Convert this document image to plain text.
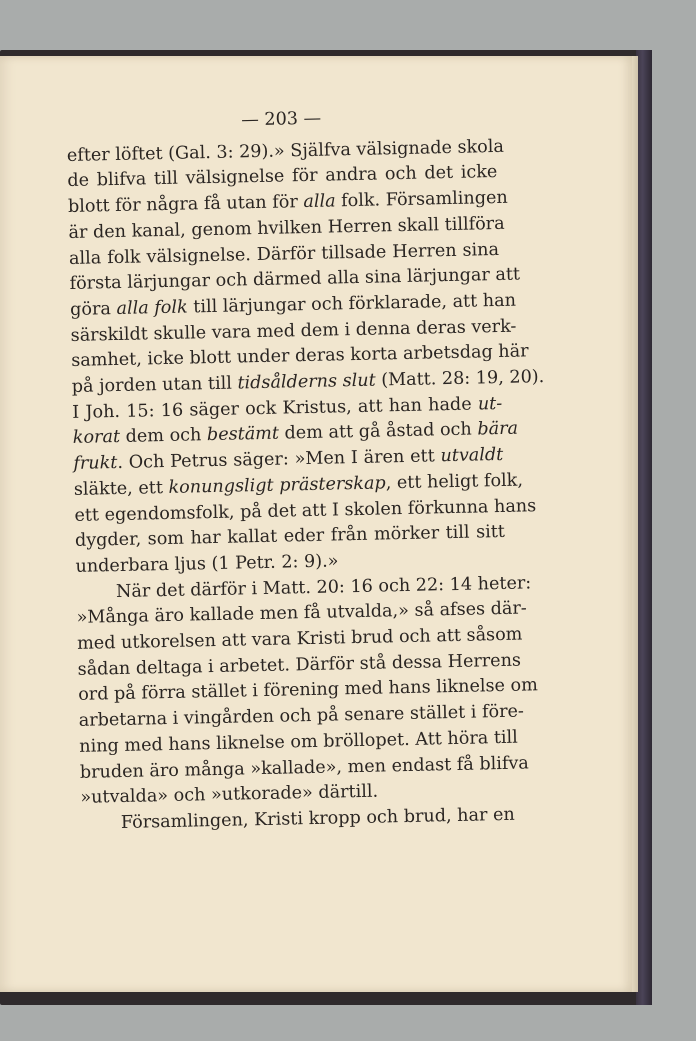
— 203 —
efter löftet (Gal. 3: 29).» Själfva välsignade skola
de blifva till välsignelse för andra och det icke
blott för några få utan för alla folk. Församlingen
är den kanal, genom hvilken Herren skall tillföra
alla folk välsignelse. Därför tillsade Herren sina
första lärjungar och därmed alla sina lärjungar att
göra alla folk till lärjungar och förklarade, att han
särskildt skulle vara med dem i denna deras verk-
samhet, icke blott under deras korta arbetsdag här
på jorden utan till tidsålderns slut (Matt. 28: 19, 20).
I Joh. 15: 16 säger ock Kristus, att han hade ut-
korat dem och bestämt dem att gå åstad och bära
frukt. Och Petrus säger: »Men I ären ett utvaldt
släkte, ett konungsligt prästerskap, ett heligt folk,
ett egendomsfolk, på det att I skolen förkunna hans
dygder, som har kallat eder från mörker till sitt
underbara ljus (1 Petr. 2: 9).»
När det därför i Matt. 20: 16 och 22: 14 heter:
»Många äro kallade men få utvalda,» så afses där-
med utkorelsen att vara Kristi brud och att såsom
sådan deltaga i arbetet. Därför stå dessa Herrens
ord på förra stället i förening med hans liknelse om
arbetarna i vingården och på senare stället i före-
ning med hans liknelse om bröllopet. Att höra till
bruden äro många »kallade», men endast få blifva
»utvalda» och »utkorade» därtill.
Församlingen, Kristi kropp och brud, har en
